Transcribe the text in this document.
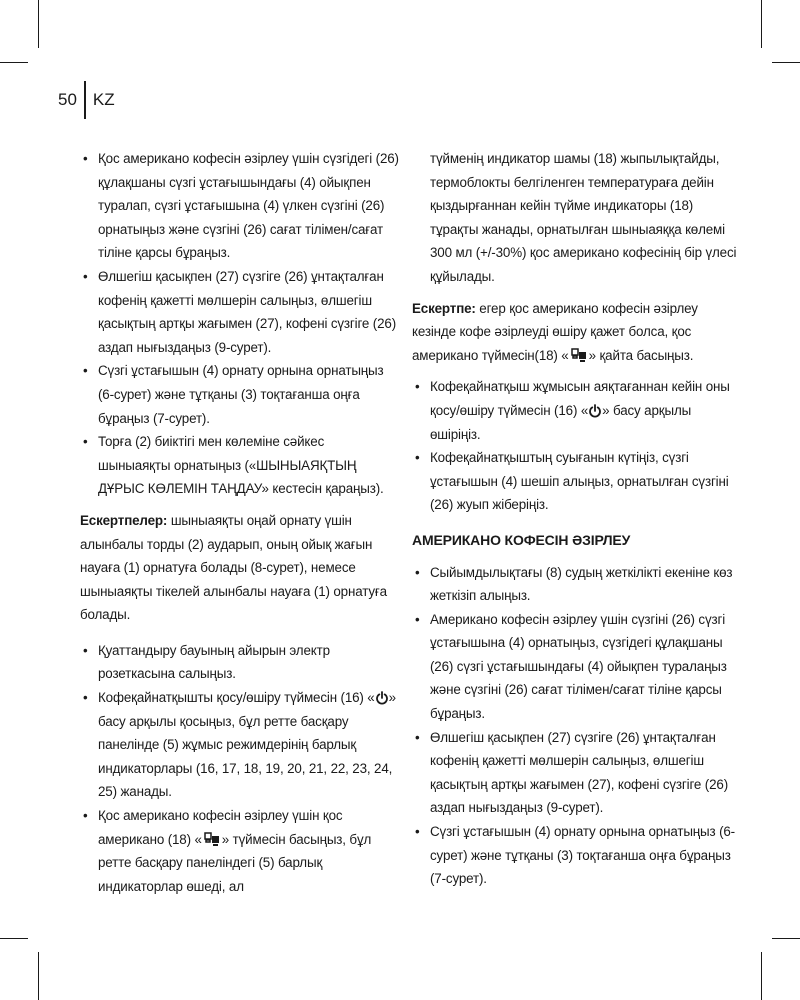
50 KZ
• Қос американо кофесін әзірлеу үшін сүзгідегі (26) құлақшаны сүзгі ұстағышындағы (4) ойықпен туралап, сүзгі ұстағышына (4) үлкен сүзгіні (26) орнатыңыз және сүзгіні (26) сағат тілімен/сағат тіліне қарсы бұраңыз.
• Өлшегіш қасықпен (27) сүзгіге (26) ұнтақталған кофенің қажетті мөлшерін салыңыз, өлшегіш қасықтың артқы жағымен (27), кофені сүзгіге (26) аздап нығыздаңыз (9-сурет).
• Сүзгі ұстағышын (4) орнату орнына орнатыңыз (6-сурет) және тұтқаны (3) тоқтағанша оңға бұраңыз (7-сурет).
• Торға (2) биіктігі мен көлеміне сәйкес шыныаяқты орнатыңыз («ШЫНЫАЯҚТЫҢ ДҰРЫС КӨЛЕМІН ТАҢДАУ» кестесін қараңыз).

Ескертпелер: шыныаяқты оңай орнату үшін алынбалы торды (2) аударып, оның ойық жағын науаға (1) орнатуға болады (8-сурет), немесе шыныаяқты тікелей алынбалы науаға (1) орнатуға болады.

• Қуаттандыру бауының айырын электр розеткасына салыңыз.
• Кофеқайнатқышты қосу/өшіру түймесін (16) « » басу арқылы қосыңыз, бұл ретте басқару панелінде (5) жұмыс режимдерінің барлық индикаторлары (16, 17, 18, 19, 20, 21, 22, 23, 24, 25) жанады.
• Қос американо кофесін әзірлеу үшін қос американо (18) « » түймесін басыңыз, бұл ретте басқару панеліндегі (5) барлық индикаторлар өшеді, ал

түйменің индикатор шамы (18) жыпылықтайды, термоблокты белгіленген температураға дейін қыздырғаннан кейін түйме индикаторы (18) тұрақты жанады, орнатылған шыныаяққа көлемі 300 мл (+/-30%) қос американо кофесінің бір үлесі құйылады.

Ескертпе: егер қос американо кофесін әзірлеу кезінде кофе әзірлеуді өшіру қажет болса, қос американо түймесін(18) « » қайта басыңыз.

• Кофеқайнатқыш жұмысын аяқтағаннан кейін оны қосу/өшіру түймесін (16) « » басу арқылы өшіріңіз.
• Кофеқайнатқыштың суығанын күтіңіз, сүзгі ұстағышын (4) шешіп алыңыз, орнатылған сүзгіні (26) жуып жіберіңіз.
АМЕРИКАНО КОФЕСІН ӘЗІРЛЕУ
• Сыйымдылықтағы (8) судың жеткілікті екеніне көз жеткізіп алыңыз.
• Американо кофесін әзірлеу үшін сүзгіні (26) сүзгі ұстағышына (4) орнатыңыз, сүзгідегі құлақшаны (26) сүзгі ұстағышындағы (4) ойықпен туралаңыз және сүзгіні (26) сағат тілімен/сағат тіліне қарсы бұраңыз.
• Өлшегіш қасықпен (27) сүзгіге (26) ұнтақталған кофенің қажетті мөлшерін салыңыз, өлшегіш қасықтың артқы жағымен (27), кофені сүзгіге (26) аздап нығыздаңыз (9-сурет).
• Сүзгі ұстағышын (4) орнату орнына орнатыңыз (6-сурет) және тұтқаны (3) тоқтағанша оңға бұраңыз (7-сурет).
